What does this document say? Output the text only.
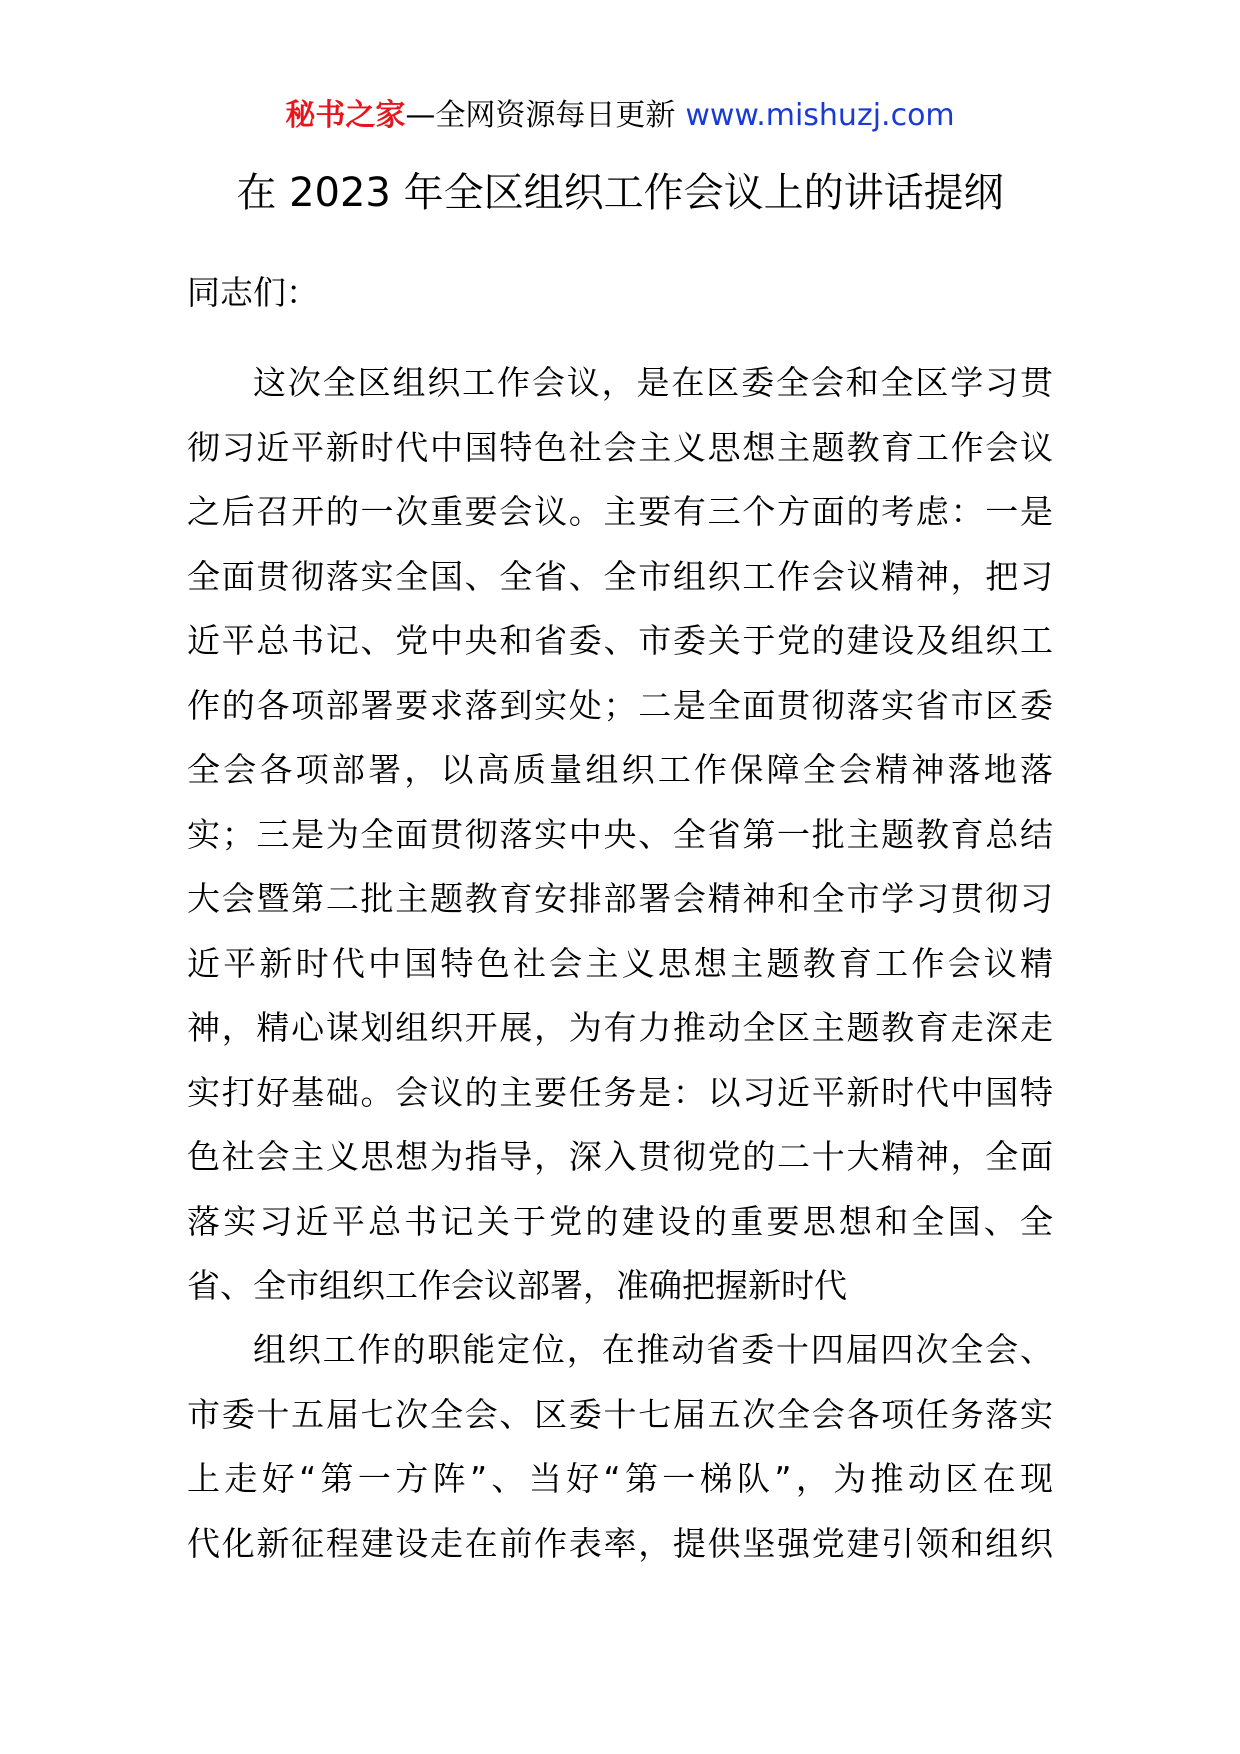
秘书之家—全网资源每日更新 www.mishuzj.com
在 2023 年全区组织工作会议上的讲话提纲
同志们：
这次全区组织工作会议，是在区委全会和全区学习贯
彻习近平新时代中国特色社会主义思想主题教育工作会议
之后召开的一次重要会议。主要有三个方面的考虑：一是
全面贯彻落实全国、全省、全市组织工作会议精神，把习
近平总书记、党中央和省委、市委关于党的建设及组织工
作的各项部署要求落到实处；二是全面贯彻落实省市区委
全会各项部署，以高质量组织工作保障全会精神落地落
实；三是为全面贯彻落实中央、全省第一批主题教育总结
大会暨第二批主题教育安排部署会精神和全市学习贯彻习
近平新时代中国特色社会主义思想主题教育工作会议精
神，精心谋划组织开展，为有力推动全区主题教育走深走
实打好基础。会议的主要任务是：以习近平新时代中国特
色社会主义思想为指导，深入贯彻党的二十大精神，全面
落实习近平总书记关于党的建设的重要思想和全国、全
省、全市组织工作会议部署，准确把握新时代
组织工作的职能定位，在推动省委十四届四次全会、
市委十五届七次全会、区委十七届五次全会各项任务落实
上走好“第一方阵”、当好“第一梯队”，为推动区在现
代化新征程建设走在前作表率，提供坚强党建引领和组织
